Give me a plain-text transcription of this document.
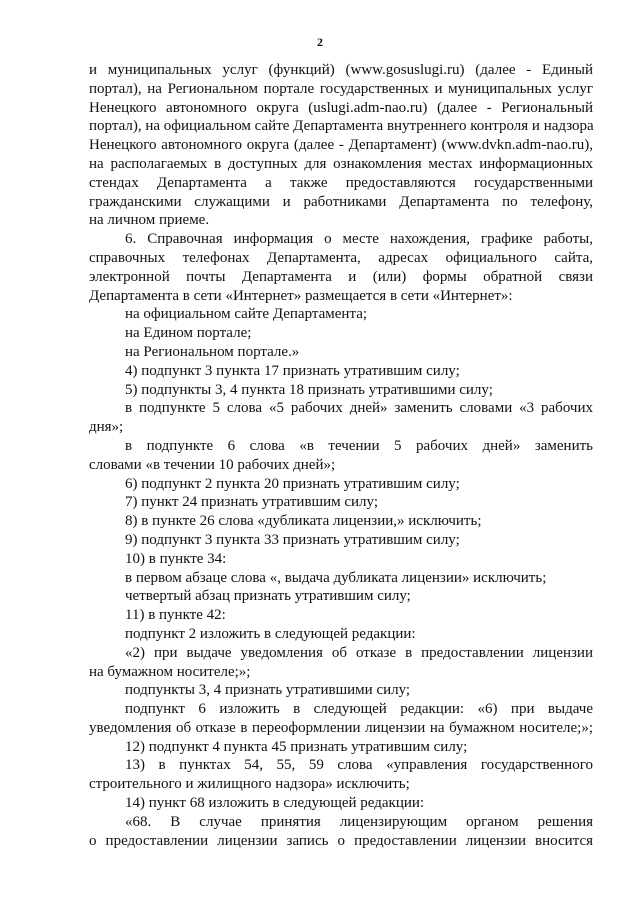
2
и муниципальных услуг (функций) (www.gosuslugi.ru) (далее - Единый
портал), на Региональном портале государственных и муниципальных услуг
Ненецкого автономного округа (uslugi.adm-nao.ru) (далее - Региональный
портал), на официальном сайте Департамента внутреннего контроля и надзора
Ненецкого автономного округа (далее - Департамент) (www.dvkn.adm-nao.ru),
на располагаемых в доступных для ознакомления местах информационных
стендах Департамента а также предоставляются государственными
гражданскими служащими и работниками Департамента по телефону,
на личном приеме.
6. Справочная информация о месте нахождения, графике работы,
справочных телефонах Департамента, адресах официального сайта,
электронной почты Департамента и (или) формы обратной связи
Департамента в сети «Интернет» размещается в сети «Интернет»:
на официальном сайте Департамента;
на Едином портале;
на Региональном портале.»
4) подпункт 3 пункта 17 признать утратившим силу;
5) подпункты 3, 4 пункта 18 признать утратившими силу;
в подпункте 5 слова «5 рабочих дней» заменить словами «3 рабочих
дня»;
в подпункте 6 слова «в течении 5 рабочих дней» заменить
словами «в течении 10 рабочих дней»;
6) подпункт 2 пункта 20 признать утратившим силу;
7) пункт 24 признать утратившим силу;
8) в пункте 26 слова «дубликата лицензии,» исключить;
9) подпункт 3 пункта 33 признать утратившим силу;
10) в пункте 34:
в первом абзаце слова «, выдача дубликата лицензии» исключить;
четвертый абзац признать утратившим силу;
11) в пункте 42:
подпункт 2 изложить в следующей редакции:
«2) при выдаче уведомления об отказе в предоставлении лицензии
на бумажном носителе;»;
подпункты 3, 4 признать утратившими силу;
подпункт 6 изложить в следующей редакции: «6) при выдаче
уведомления об отказе в переоформлении лицензии на бумажном носителе;»;
12) подпункт 4 пункта 45 признать утратившим силу;
13) в пунктах 54, 55, 59 слова «управления государственного
строительного и жилищного надзора» исключить;
14) пункт 68 изложить в следующей редакции:
«68. В случае принятия лицензирующим органом решения
о предоставлении лицензии запись о предоставлении лицензии вносится
